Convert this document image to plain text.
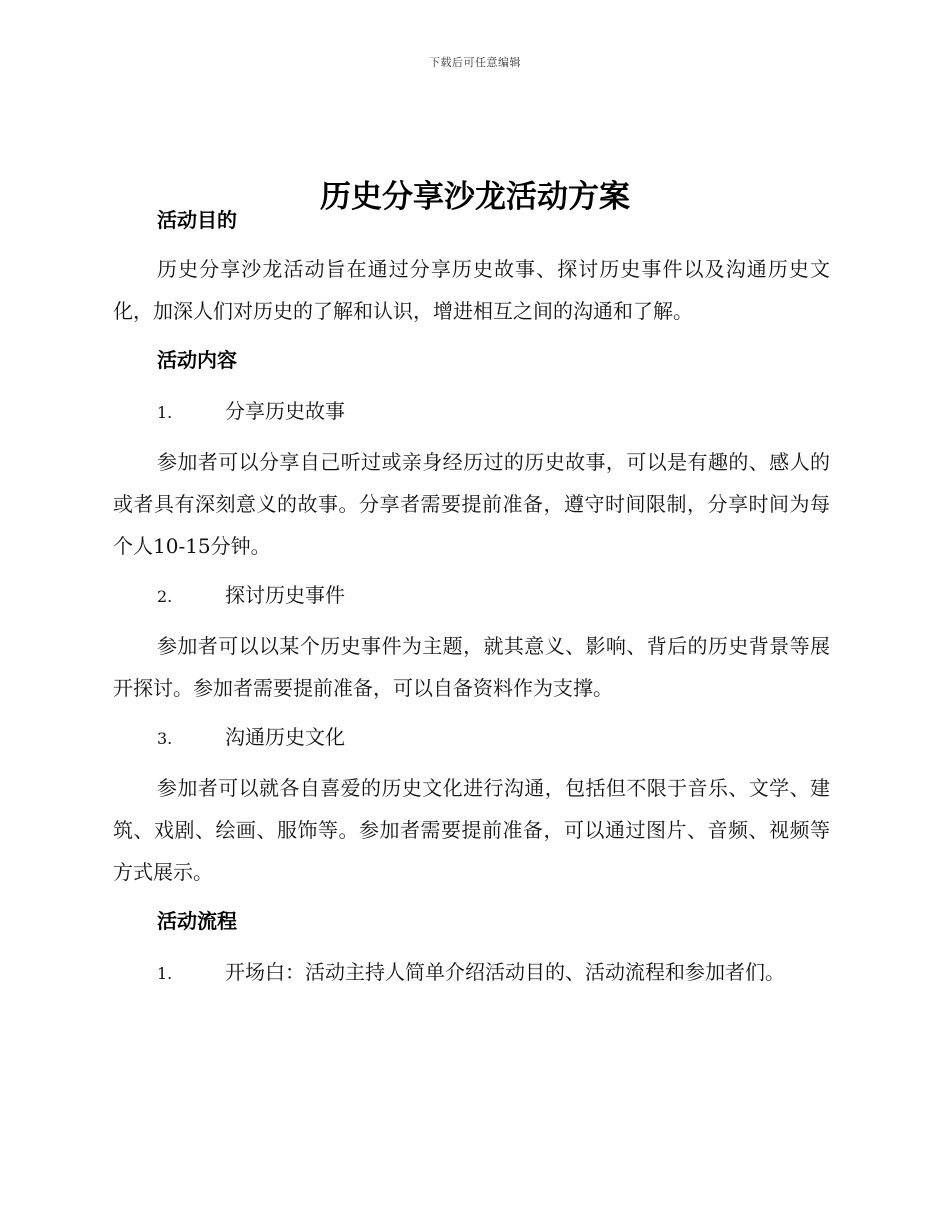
下载后可任意编辑
历史分享沙龙活动方案
活动目的

历史分享沙龙活动旨在通过分享历史故事、探讨历史事件以及沟通历史文化，加深人们对历史的了解和认识，增进相互之间的沟通和了解。

活动内容
1.	分享历史故事

参加者可以分享自己听过或亲身经历过的历史故事，可以是有趣的、感人的或者具有深刻意义的故事。分享者需要提前准备，遵守时间限制，分享时间为每个人10-15分钟。

2.	探讨历史事件

参加者可以以某个历史事件为主题，就其意义、影响、背后的历史背景等展开探讨。参加者需要提前准备，可以自备资料作为支撑。

3.	沟通历史文化

参加者可以就各自喜爱的历史文化进行沟通，包括但不限于音乐、文学、建筑、戏剧、绘画、服饰等。参加者需要提前准备，可以通过图片、音频、视频等方式展示。

活动流程
1.	开场白：活动主持人简单介绍活动目的、活动流程和参加者们。
